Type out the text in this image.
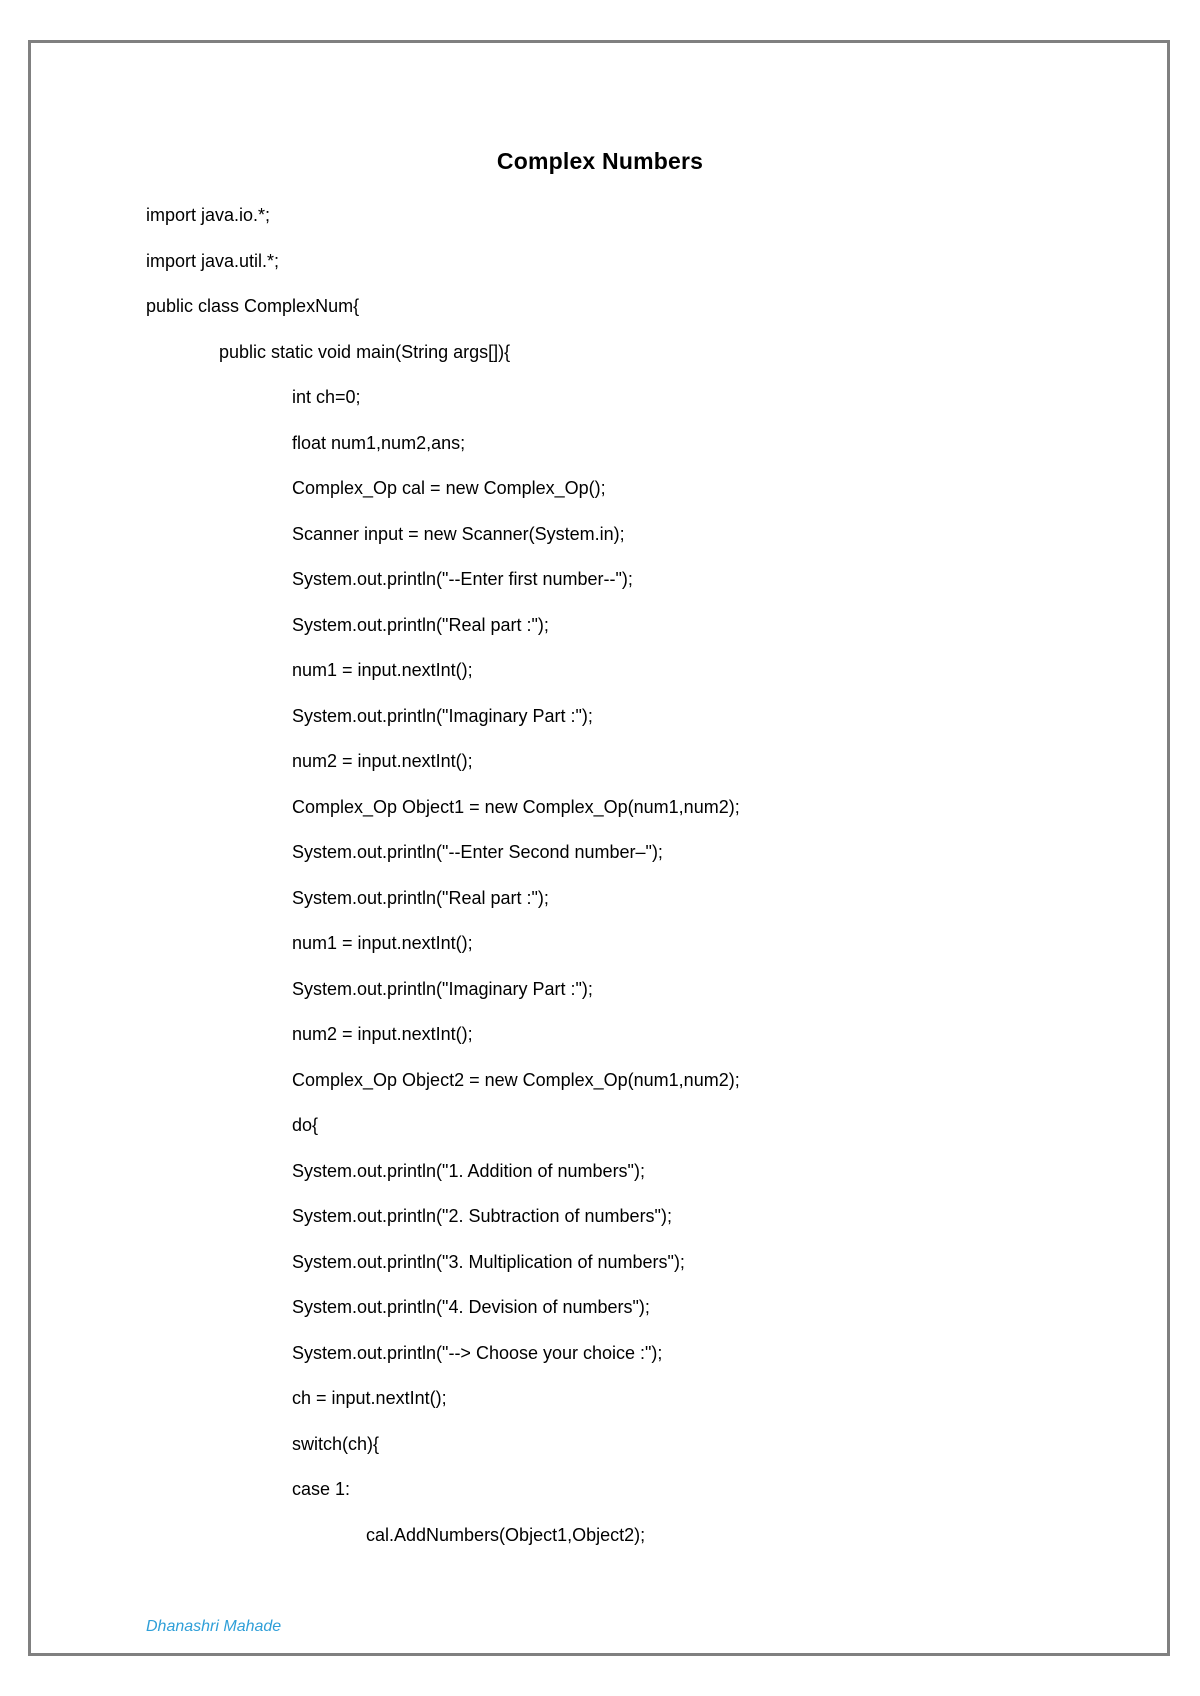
Complex Numbers
import java.io.*;
import java.util.*;
public class ComplexNum{
public static void main(String args[]){
int ch=0;
float num1,num2,ans;
Complex_Op cal = new Complex_Op();
Scanner input = new Scanner(System.in);
System.out.println("--Enter first number--");
System.out.println("Real part :");
num1 = input.nextInt();
System.out.println("Imaginary Part :");
num2 = input.nextInt();
Complex_Op Object1 = new Complex_Op(num1,num2);
System.out.println("--Enter Second number–");
System.out.println("Real part :");
num1 = input.nextInt();
System.out.println("Imaginary Part :");
num2 = input.nextInt();
Complex_Op Object2 = new Complex_Op(num1,num2);
do{
System.out.println("1. Addition of numbers");
System.out.println("2. Subtraction of numbers");
System.out.println("3. Multiplication of numbers");
System.out.println("4. Devision of numbers");
System.out.println("--> Choose your choice :");
ch = input.nextInt();
switch(ch){
case 1:
cal.AddNumbers(Object1,Object2);
Dhanashri Mahade
